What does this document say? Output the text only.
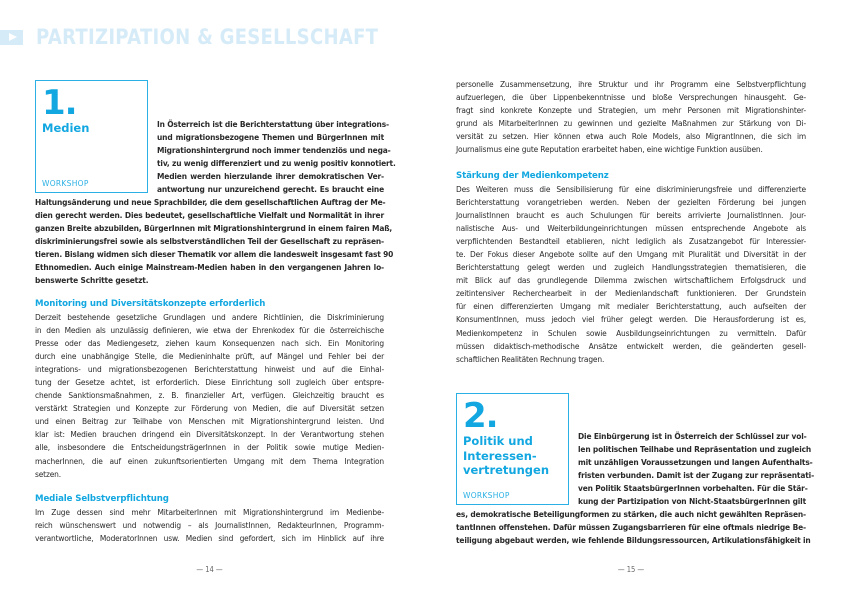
PARTIZIPATION & GESELLSCHAFT
1.
Medien
WORKSHOP
In Österreich ist die Berichterstattung über integrations-
und migrationsbezogene Themen und BürgerInnen mit
Migrationshintergrund noch immer tendenziös und nega-
tiv, zu wenig differenziert und zu wenig positiv konnotiert.
Medien werden hierzulande ihrer demokratischen Ver-
antwortung nur unzureichend gerecht. Es braucht eine
Haltungsänderung und neue Sprachbilder, die dem gesellschaftlichen Auftrag der Me-
dien gerecht werden. Dies bedeutet, gesellschaftliche Vielfalt und Normalität in ihrer
ganzen Breite abzubilden, BürgerInnen mit Migrationshintergrund in einem fairen Maß,
diskriminierungsfrei sowie als selbstverständlichen Teil der Gesellschaft zu repräsen-
tieren. Bislang widmen sich dieser Thematik vor allem die landesweit insgesamt fast 90
Ethnomedien. Auch einige Mainstream-Medien haben in den vergangenen Jahren lo-
benswerte Schritte gesetzt.
Monitoring und Diversitätskonzepte erforderlich
Derzeit bestehende gesetzliche Grundlagen und andere Richtlinien, die Diskriminierung
in den Medien als unzulässig definieren, wie etwa der Ehrenkodex für die österreichische
Presse oder das Mediengesetz, ziehen kaum Konsequenzen nach sich. Ein Monitoring
durch eine unabhängige Stelle, die Medieninhalte prüft, auf Mängel und Fehler bei der
integrations- und migrationsbezogenen Berichterstattung hinweist und auf die Einhal-
tung der Gesetze achtet, ist erforderlich. Diese Einrichtung soll zugleich über entspre-
chende Sanktionsmaßnahmen, z. B. finanzieller Art, verfügen. Gleichzeitig braucht es
verstärkt Strategien und Konzepte zur Förderung von Medien, die auf Diversität setzen
und einen Beitrag zur Teilhabe von Menschen mit Migrationshintergrund leisten. Und
klar ist: Medien brauchen dringend ein Diversitätskonzept. In der Verantwortung stehen
alle, insbesondere die EntscheidungsträgerInnen in der Politik sowie mutige Medien-
macherInnen, die auf einen zukunftsorientierten Umgang mit dem Thema Integration
setzen.
Mediale Selbstverpflichtung
Im Zuge dessen sind mehr MitarbeiterInnen mit Migrationshintergrund im Medienbe-
reich wünschenswert und notwendig – als JournalistInnen, RedakteurInnen, Programm-
verantwortliche, ModeratorInnen usw. Medien sind gefordert, sich im Hinblick auf ihre
— 14 —
personelle Zusammensetzung, ihre Struktur und ihr Programm eine Selbstverpflichtung
aufzuerlegen, die über Lippenbekenntnisse und bloße Versprechungen hinausgeht. Ge-
fragt sind konkrete Konzepte und Strategien, um mehr Personen mit Migrationshinter-
grund als MitarbeiterInnen zu gewinnen und gezielte Maßnahmen zur Stärkung von Di-
versität zu setzen. Hier können etwa auch Role Models, also MigrantInnen, die sich im
Journalismus eine gute Reputation erarbeitet haben, eine wichtige Funktion ausüben.
Stärkung der Medienkompetenz
Des Weiteren muss die Sensibilisierung für eine diskriminierungsfreie und differenzierte
Berichterstattung vorangetrieben werden. Neben der gezielten Förderung bei jungen
JournalistInnen braucht es auch Schulungen für bereits arrivierte JournalistInnen. Jour-
nalistische Aus- und Weiterbildungeinrichtungen müssen entsprechende Angebote als
verpflichtenden Bestandteil etablieren, nicht lediglich als Zusatzangebot für Interessier-
te. Der Fokus dieser Angebote sollte auf den Umgang mit Pluralität und Diversität in der
Berichterstattung gelegt werden und zugleich Handlungsstrategien thematisieren, die
mit Blick auf das grundlegende Dilemma zwischen wirtschaftlichem Erfolgsdruck und
zeitintensiver Recherchearbeit in der Medienlandschaft funktionieren. Der Grundstein
für einen differenzierten Umgang mit medialer Berichterstattung, auch aufseiten der
KonsumentInnen, muss jedoch viel früher gelegt werden. Die Herausforderung ist es,
Medienkompetenz in Schulen sowie Ausbildungseinrichtungen zu vermitteln. Dafür
müssen didaktisch-methodische Ansätze entwickelt werden, die geänderten gesell-
schaftlichen Realitäten Rechnung tragen.
2.
Politik und
Interessen-
vertretungen
WORKSHOP
Die Einbürgerung ist in Österreich der Schlüssel zur vol-
len politischen Teilhabe und Repräsentation und zugleich
mit unzähligen Voraussetzungen und langen Aufenthalts-
fristen verbunden. Damit ist der Zugang zur repräsentati-
ven Politik StaatsbürgerInnen vorbehalten. Für die Stär-
kung der Partizipation von Nicht-StaatsbürgerInnen gilt
es, demokratische Beteiligungformen zu stärken, die auch nicht gewählten Repräsen-
tantInnen offenstehen. Dafür müssen Zugangsbarrieren für eine oftmals niedrige Be-
teiligung abgebaut werden, wie fehlende Bildungsressourcen, Artikulationsfähigkeit in
— 15 —
